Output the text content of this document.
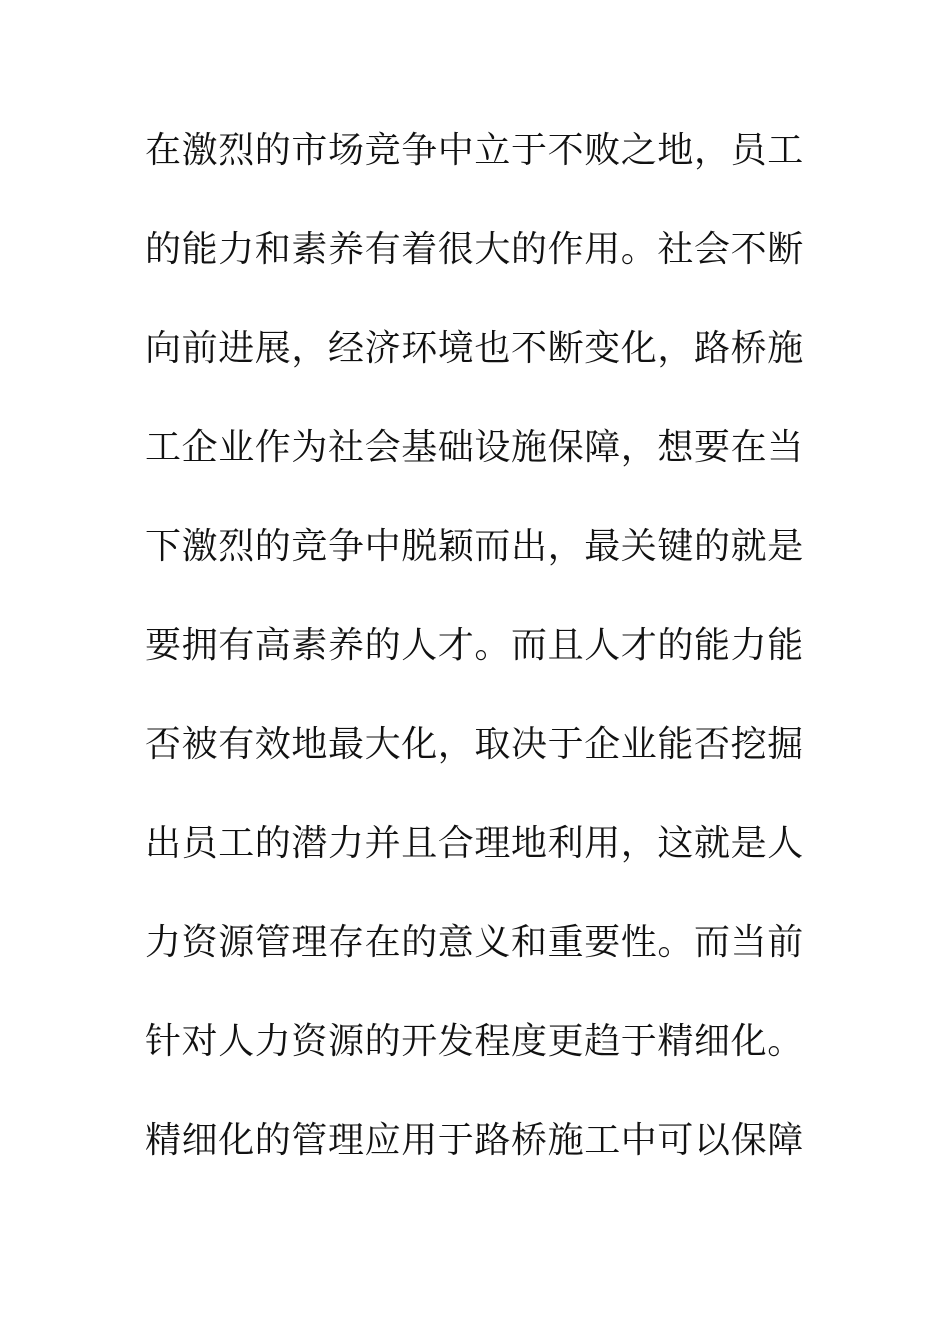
在激烈的市场竞争中立于不败之地，员工
的能力和素养有着很大的作用。社会不断
向前进展，经济环境也不断变化，路桥施
工企业作为社会基础设施保障，想要在当
下激烈的竞争中脱颖而出，最关键的就是
要拥有高素养的人才。而且人才的能力能
否被有效地最大化，取决于企业能否挖掘
出员工的潜力并且合理地利用，这就是人
力资源管理存在的意义和重要性。而当前
针对人力资源的开发程度更趋于精细化。
精细化的管理应用于路桥施工中可以保障
